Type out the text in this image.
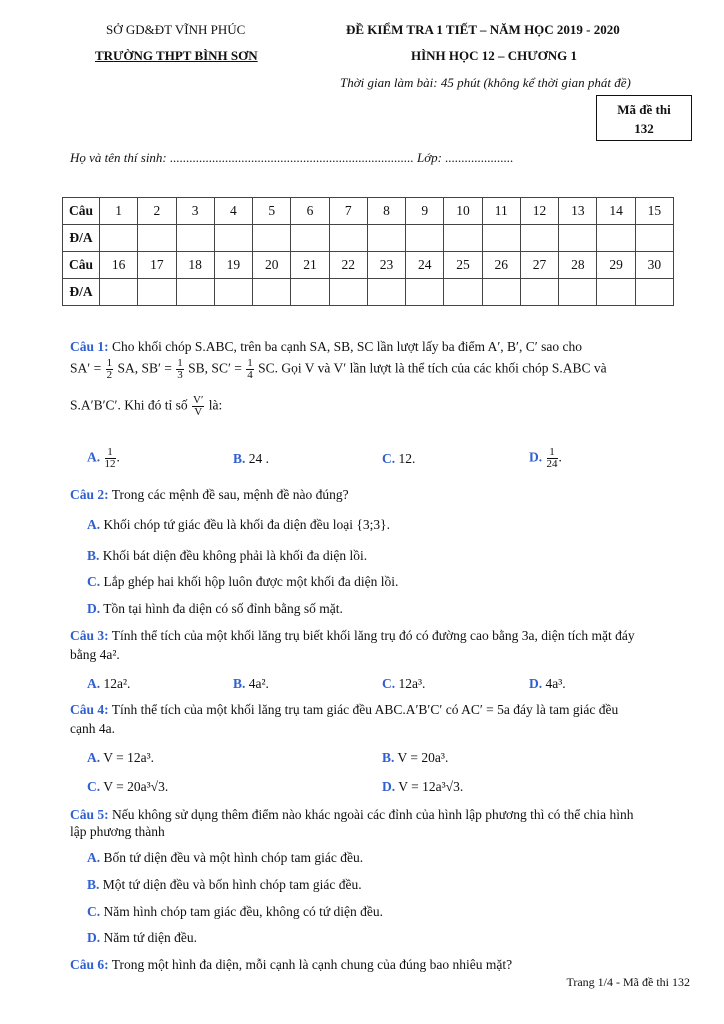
SỞ GD&ĐT VĨNH PHÚC
TRƯỜNG THPT BÌNH SƠN
ĐỀ KIỂM TRA 1 TIẾT – NĂM HỌC 2019 - 2020
HÌNH HỌC 12 – CHƯƠNG 1
Thời gian làm bài: 45 phút (không kể thời gian phát đề)
Mã đề thi
132
Họ và tên thí sinh: ........................................................................... Lớp: .....................
Câu	1	2	3	4	5	6	7	8	9	10	11	12	13	14	15
Đ/A															
Câu	16	17	18	19	20	21	22	23	24	25	26	27	28	29	30
Đ/A															
Câu 1: Cho khối chóp S.ABC, trên ba cạnh SA, SB, SC lần lượt lấy ba điểm A′, B′, C′ sao cho
$SA' = \frac{1}{2}$ SA, $SB' = \frac{1}{3}$ SB, $SC' = \frac{1}{4}$ SC. Gọi V và V′ lần lượt là thể tích của các khối chóp S.ABC và
S.A′B′C′. Khi đó tỉ số $\frac{V'}{V}$ là:
A. $\frac{1}{12}$ .	B. 24 .	C. 12.	D. $\frac{1}{24}$ .
Câu 2: Trong các mệnh đề sau, mệnh đề nào đúng?
A. Khối chóp tứ giác đều là khối đa diện đều loại {3;3}.
B. Khối bát diện đều không phải là khối đa diện lồi.
C. Lắp ghép hai khối hộp luôn được một khối đa diện lồi.
D. Tồn tại hình đa diện có số đỉnh bằng số mặt.
Câu 3: Tính thể tích của một khối lăng trụ biết khối lăng trụ đó có đường cao bằng 3a, diện tích mặt đáy
bằng 4a².
A. 12a².	B. 4a².	C. 12a³.	D. 4a³.
Câu 4: Tính thể tích của một khối lăng trụ tam giác đều ABC.A′B′C′ có AC′ = 5a đáy là tam giác đều
cạnh 4a.
A. V = 12a³.	B. V = 20a³.
C. V = 20a³√3.	D. V = 12a³√3.
Câu 5: Nếu không sử dụng thêm điểm nào khác ngoài các đỉnh của hình lập phương thì có thể chia hình
lập phương thành
A. Bốn tứ diện đều và một hình chóp tam giác đều.
B. Một tứ diện đều và bốn hình chóp tam giác đều.
C. Năm hình chóp tam giác đều, không có tứ diện đều.
D. Năm tứ diện đều.
Câu 6: Trong một hình đa diện, mỗi cạnh là cạnh chung của đúng bao nhiêu mặt?
Trang 1/4 - Mã đề thi 132
